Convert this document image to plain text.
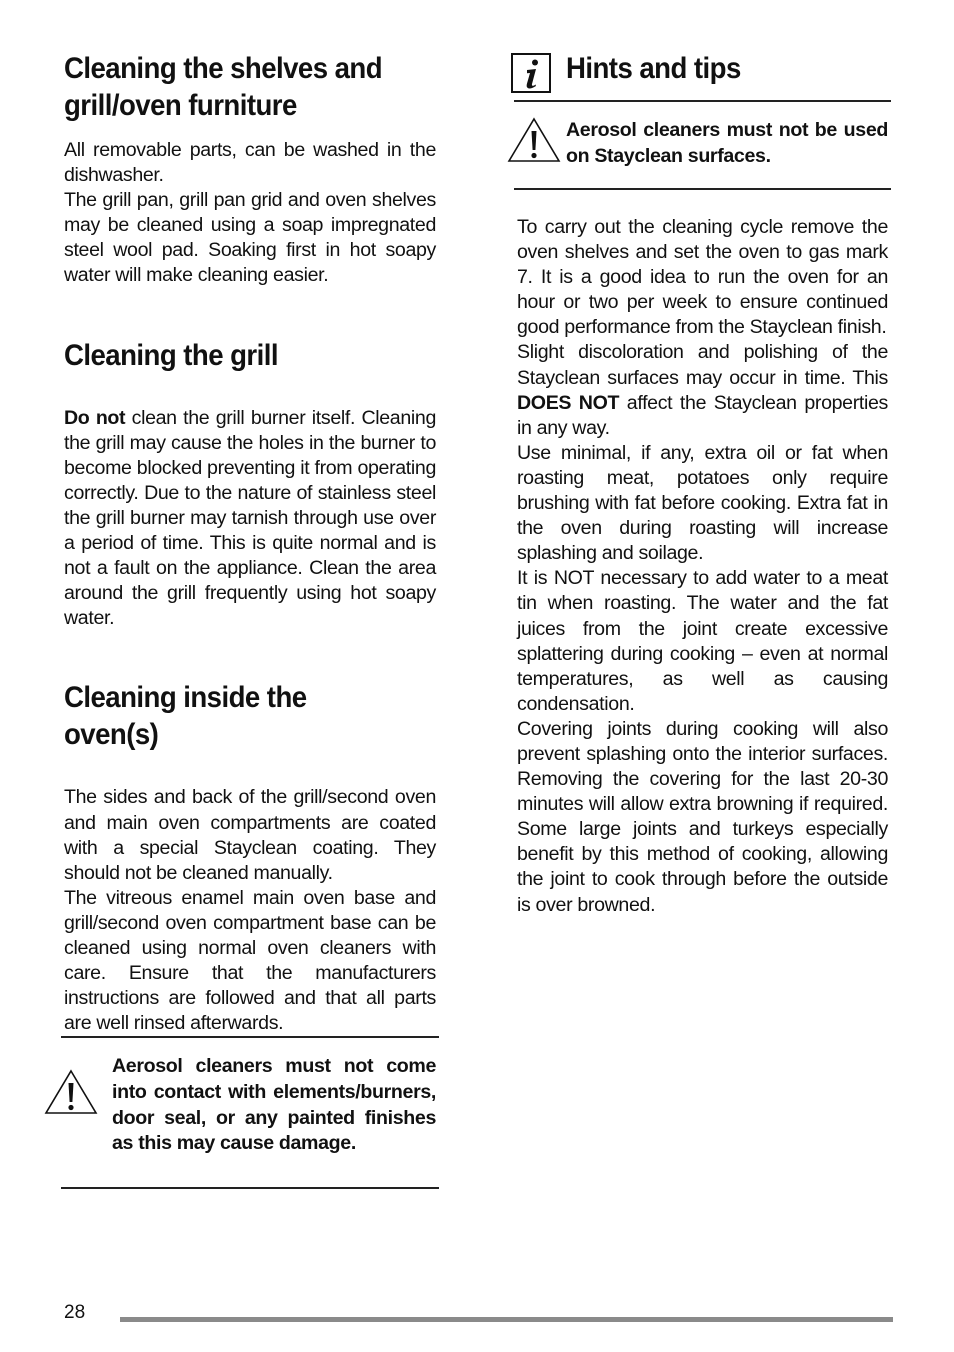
Cleaning the shelves and
grill/oven furniture

All removable parts, can be washed in the dishwasher.

The grill pan, grill pan grid and oven shelves may be cleaned using a soap impregnated steel wool pad. Soaking first in hot soapy water will make cleaning easier.

Cleaning the grill

Do not clean the grill burner itself. Cleaning the grill may cause the holes in the burner to become blocked preventing it from operating correctly. Due to the nature of stainless steel the grill burner may tarnish through use over a period of time. This is quite normal and is not a fault on the appliance. Clean the area around the grill frequently using hot soapy water.

Cleaning inside the oven(s)

The sides and back of the grill/second oven and main oven compartments are coated with a special Stayclean coating. They should not be cleaned manually.

The vitreous enamel main oven base and grill/second oven compartment base can be cleaned using normal oven cleaners with care. Ensure that the manufacturers instructions are followed and that all parts are well rinsed afterwards.

Aerosol cleaners must not come into contact with elements/burners, door seal, or any painted finishes as this may cause damage.
Hints and tips
Aerosol cleaners must not be used on Stayclean surfaces.

To carry out the cleaning cycle remove the oven shelves and set the oven to gas mark 7. It is a good idea to run the oven for an hour or two per week to ensure continued good performance from the Stayclean finish.

Slight discoloration and polishing of the Stayclean surfaces may occur in time. This DOES NOT affect the Stayclean properties in any way.

Use minimal, if any, extra oil or fat when roasting meat, potatoes only require brushing with fat before cooking. Extra fat in the oven during roasting will increase splashing and soilage.

It is NOT necessary to add water to a meat tin when roasting. The water and the fat juices from the joint create excessive splattering during cooking – even at normal temperatures, as well as causing condensation.

Covering joints during cooking will also prevent splashing onto the interior surfaces. Removing the covering for the last 20-30 minutes will allow extra browning if required. Some large joints and turkeys especially benefit by this method of cooking, allowing the joint to cook through before the outside is over browned.

28
